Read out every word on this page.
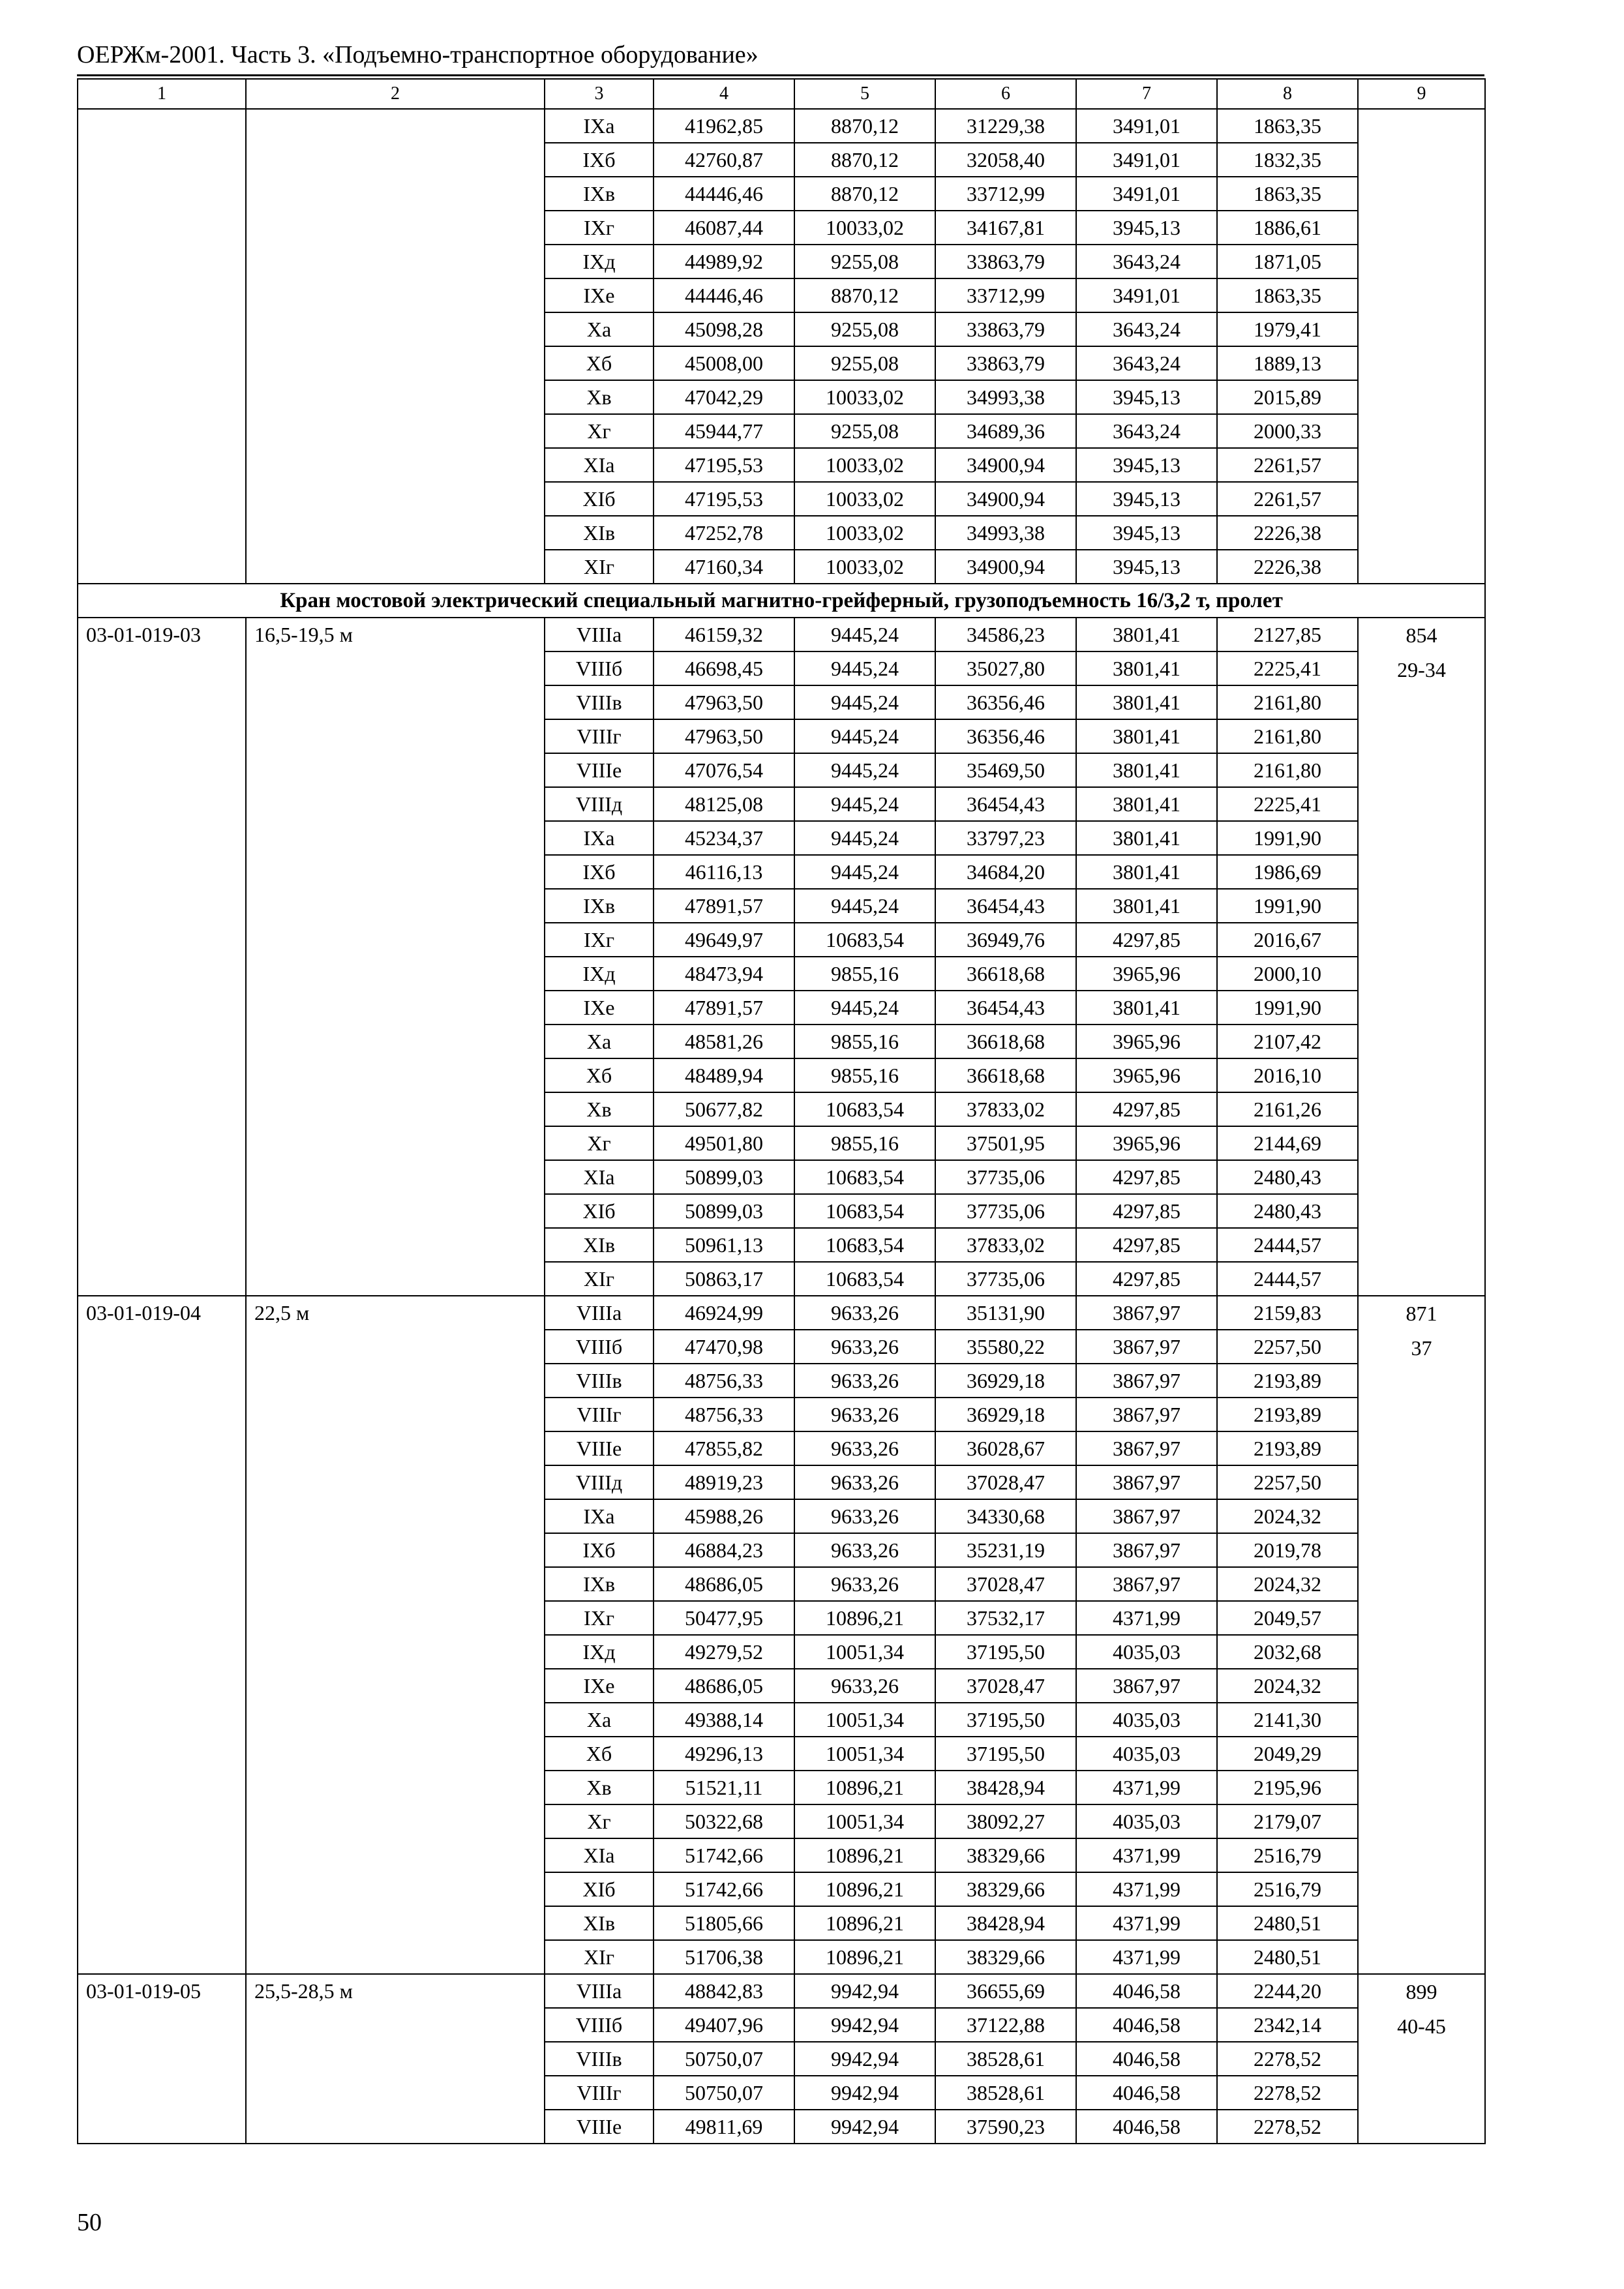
ОЕРЖм-2001. Часть 3. «Подъемно-транспортное оборудование»
1	2	3	4	5	6	7	8	9
		IXа	41962,85	8870,12	31229,38	3491,01	1863,35	
		IXб	42760,87	8870,12	32058,40	3491,01	1832,35	
		IXв	44446,46	8870,12	33712,99	3491,01	1863,35	
		IXг	46087,44	10033,02	34167,81	3945,13	1886,61	
		IXд	44989,92	9255,08	33863,79	3643,24	1871,05	
		IXе	44446,46	8870,12	33712,99	3491,01	1863,35	
		Xа	45098,28	9255,08	33863,79	3643,24	1979,41	
		Xб	45008,00	9255,08	33863,79	3643,24	1889,13	
		Xв	47042,29	10033,02	34993,38	3945,13	2015,89	
		Xг	45944,77	9255,08	34689,36	3643,24	2000,33	
		XIа	47195,53	10033,02	34900,94	3945,13	2261,57	
		XIб	47195,53	10033,02	34900,94	3945,13	2261,57	
		XIв	47252,78	10033,02	34993,38	3945,13	2226,38	
		XIг	47160,34	10033,02	34900,94	3945,13	2226,38	
Кран мостовой электрический специальный магнитно-грейферный, грузоподъемность 16/3,2 т, пролет								
03-01-019-03	16,5-19,5 м	VIIIа	46159,32	9445,24	34586,23	3801,41	2127,85	854
29-34

		VIIIб	46698,45	9445,24	35027,80	3801,41	2225,41	
		VIIIв	47963,50	9445,24	36356,46	3801,41	2161,80	
		VIIIг	47963,50	9445,24	36356,46	3801,41	2161,80	
		VIIIе	47076,54	9445,24	35469,50	3801,41	2161,80	
		VIIIд	48125,08	9445,24	36454,43	3801,41	2225,41	
		IXа	45234,37	9445,24	33797,23	3801,41	1991,90	
		IXб	46116,13	9445,24	34684,20	3801,41	1986,69	
		IXв	47891,57	9445,24	36454,43	3801,41	1991,90	
		IXг	49649,97	10683,54	36949,76	4297,85	2016,67	
		IXд	48473,94	9855,16	36618,68	3965,96	2000,10	
		IXе	47891,57	9445,24	36454,43	3801,41	1991,90	
		Xа	48581,26	9855,16	36618,68	3965,96	2107,42	
		Xб	48489,94	9855,16	36618,68	3965,96	2016,10	
		Xв	50677,82	10683,54	37833,02	4297,85	2161,26	
		Xг	49501,80	9855,16	37501,95	3965,96	2144,69	
		XIа	50899,03	10683,54	37735,06	4297,85	2480,43	
		XIб	50899,03	10683,54	37735,06	4297,85	2480,43	
		XIв	50961,13	10683,54	37833,02	4297,85	2444,57	
		XIг	50863,17	10683,54	37735,06	4297,85	2444,57	
03-01-019-04	22,5 м	VIIIа	46924,99	9633,26	35131,90	3867,97	2159,83	871
37

		VIIIб	47470,98	9633,26	35580,22	3867,97	2257,50	
		VIIIв	48756,33	9633,26	36929,18	3867,97	2193,89	
		VIIIг	48756,33	9633,26	36929,18	3867,97	2193,89	
		VIIIе	47855,82	9633,26	36028,67	3867,97	2193,89	
		VIIIд	48919,23	9633,26	37028,47	3867,97	2257,50	
		IXа	45988,26	9633,26	34330,68	3867,97	2024,32	
		IXб	46884,23	9633,26	35231,19	3867,97	2019,78	
		IXв	48686,05	9633,26	37028,47	3867,97	2024,32	
		IXг	50477,95	10896,21	37532,17	4371,99	2049,57	
		IXд	49279,52	10051,34	37195,50	4035,03	2032,68	
		IXе	48686,05	9633,26	37028,47	3867,97	2024,32	
		Xа	49388,14	10051,34	37195,50	4035,03	2141,30	
		Xб	49296,13	10051,34	37195,50	4035,03	2049,29	
		Xв	51521,11	10896,21	38428,94	4371,99	2195,96	
		Xг	50322,68	10051,34	38092,27	4035,03	2179,07	
		XIа	51742,66	10896,21	38329,66	4371,99	2516,79	
		XIб	51742,66	10896,21	38329,66	4371,99	2516,79	
		XIв	51805,66	10896,21	38428,94	4371,99	2480,51	
		XIг	51706,38	10896,21	38329,66	4371,99	2480,51	
03-01-019-05	25,5-28,5 м	VIIIа	48842,83	9942,94	36655,69	4046,58	2244,20	899
40-45

		VIIIб	49407,96	9942,94	37122,88	4046,58	2342,14	
		VIIIв	50750,07	9942,94	38528,61	4046,58	2278,52	
		VIIIг	50750,07	9942,94	38528,61	4046,58	2278,52	
		VIIIе	49811,69	9942,94	37590,23	4046,58	2278,52	
50
